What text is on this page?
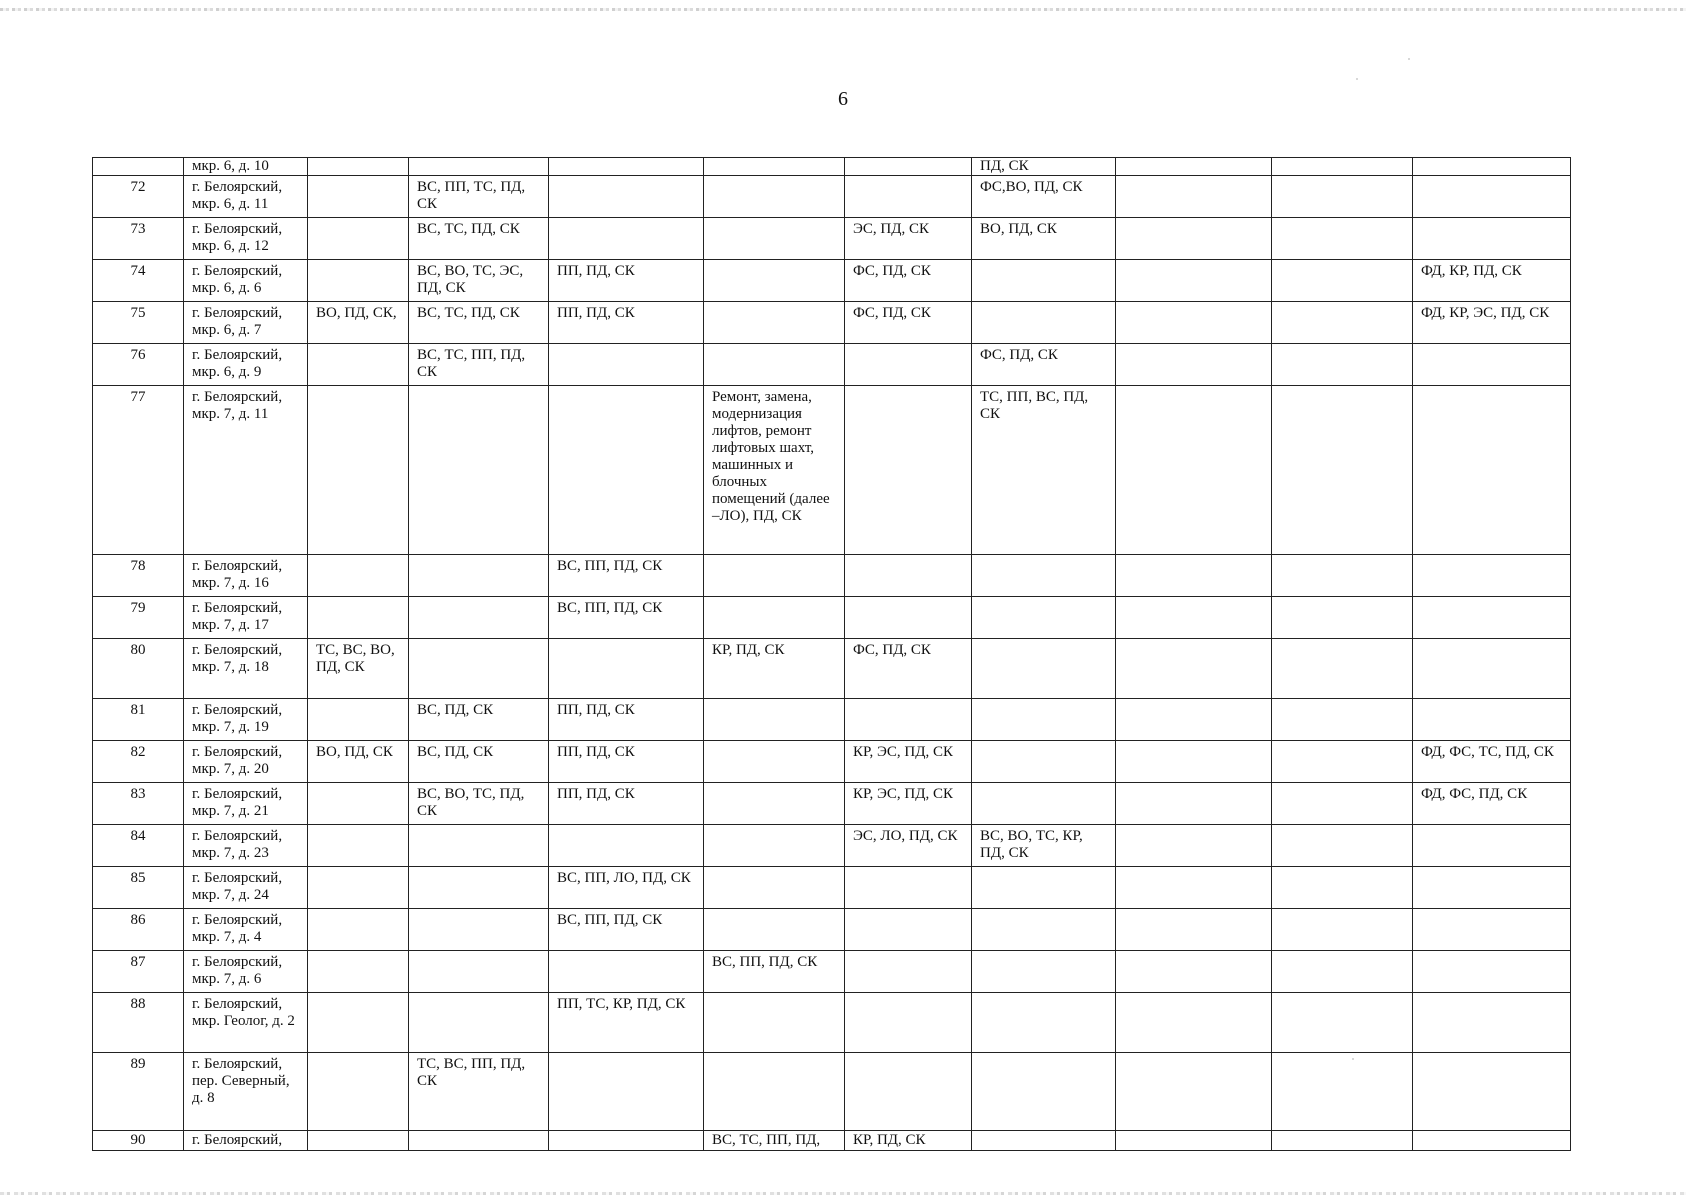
6
	мкр. 6, д. 10						ПД, СК			
72	г. Белоярский, мкр. 6, д. 11		ВС, ПП, ТС, ПД, СК				ФС,ВО, ПД, СК			
73	г. Белоярский, мкр. 6, д. 12		ВС, ТС, ПД, СК			ЭС, ПД, СК	ВО, ПД, СК			
74	г. Белоярский, мкр. 6, д. 6		ВС, ВО, ТС, ЭС, ПД, СК	ПП, ПД, СК		ФС, ПД, СК				ФД, КР, ПД, СК
75	г. Белоярский, мкр. 6, д. 7	ВО, ПД, СК,	ВС, ТС, ПД, СК	ПП, ПД, СК		ФС, ПД, СК				ФД, КР, ЭС, ПД, СК
76	г. Белоярский, мкр. 6, д. 9		ВС, ТС, ПП, ПД, СК				ФС, ПД, СК			
77	г. Белоярский, мкр. 7, д. 11				Ремонт, замена, модернизация лифтов, ремонт лифтовых шахт, машинных и блочных помещений (далее –ЛО), ПД, СК		ТС, ПП, ВС, ПД, СК			
78	г. Белоярский, мкр. 7, д. 16			ВС, ПП, ПД, СК						
79	г. Белоярский, мкр. 7, д. 17			ВС, ПП, ПД, СК						
80	г. Белоярский, мкр. 7, д. 18	ТС, ВС, ВО, ПД, СК			КР, ПД, СК	ФС, ПД, СК				
81	г. Белоярский, мкр. 7, д. 19		ВС, ПД, СК	ПП, ПД, СК						
82	г. Белоярский, мкр. 7, д. 20	ВО, ПД, СК	ВС, ПД, СК	ПП, ПД, СК		КР, ЭС, ПД, СК				ФД, ФС, ТС, ПД, СК
83	г. Белоярский, мкр. 7, д. 21		ВС, ВО, ТС, ПД, СК	ПП, ПД, СК		КР, ЭС, ПД, СК				ФД, ФС, ПД, СК
84	г. Белоярский, мкр. 7, д. 23					ЭС, ЛО, ПД, СК	ВС, ВО, ТС, КР, ПД, СК			
85	г. Белоярский, мкр. 7, д. 24			ВС, ПП, ЛО, ПД, СК						
86	г. Белоярский, мкр. 7, д. 4			ВС, ПП, ПД, СК						
87	г. Белоярский, мкр. 7, д. 6				ВС, ПП, ПД, СК					
88	г. Белоярский, мкр. Геолог, д. 2			ПП, ТС, КР, ПД, СК						
89	г. Белоярский, пер. Северный, д. 8		ТС, ВС, ПП, ПД, СК							
90	г. Белоярский,				ВС, ТС, ПП, ПД,	КР, ПД, СК				
